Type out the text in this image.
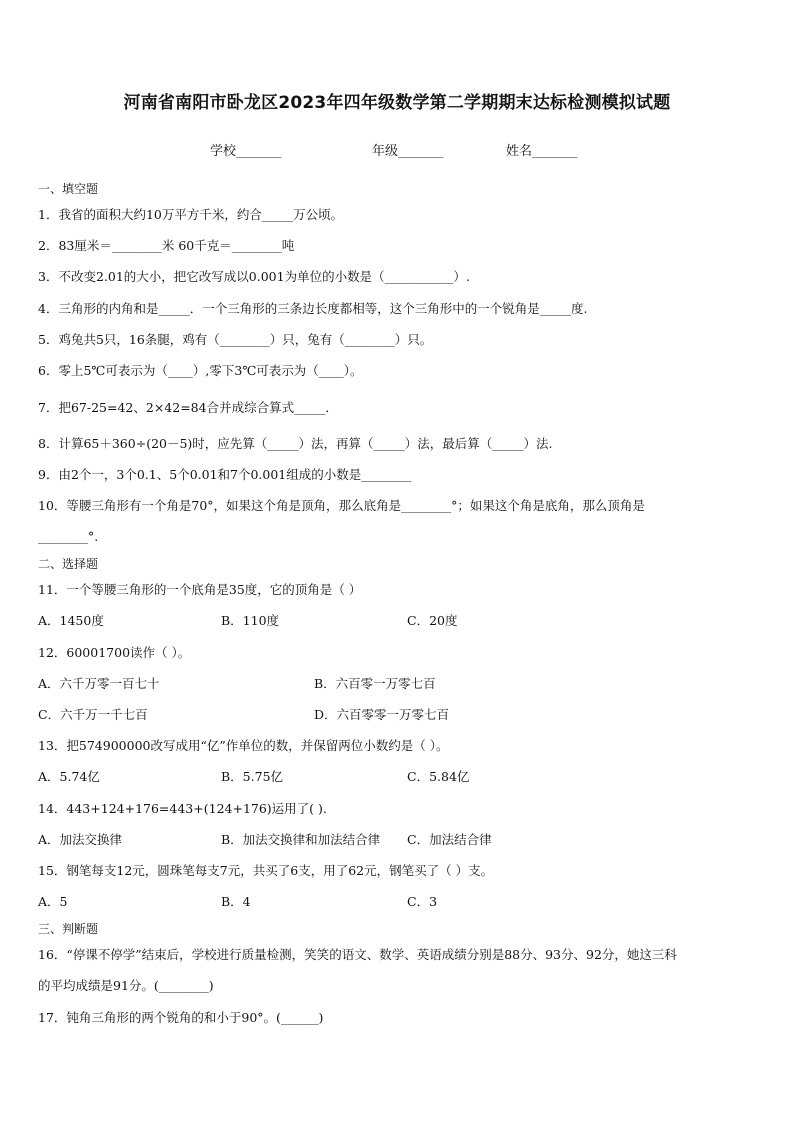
河南省南阳市卧龙区2023年四年级数学第二学期期末达标检测模拟试题
学校_______	年级_______	姓名_______
一、填空题
1．我省的面积大约10万平方千米，约合_____万公顷。
2．83厘米＝________米 60千克＝________吨
3．不改变2.01的大小，把它改写成以0.001为单位的小数是（___________）.
4．三角形的内角和是_____．一个三角形的三条边长度都相等，这个三角形中的一个锐角是_____度.
5．鸡兔共5只，16条腿，鸡有（________）只，兔有（________）只。
6．零上5℃可表示为（____）,零下3℃可表示为（____）。
7．把67-25=42、2×42=84合并成综合算式_____．
8．计算65＋360÷(20－5)时，应先算（_____）法，再算（_____）法，最后算（_____）法.
9．由2个一，3个0.1、5个0.01和7个0.001组成的小数是________
10．等腰三角形有一个角是70°，如果这个角是顶角，那么底角是________°；如果这个角是底角，那么顶角是
________°.
二、选择题
11．一个等腰三角形的一个底角是35度，它的顶角是（ ）
A．1450度	B．110度	C．20度
12．60001700读作（ ）。
A．六千万零一百七十	B．六百零一万零七百
C．六千万一千七百	D．六百零零一万零七百
13．把574900000改写成用“亿”作单位的数，并保留两位小数约是（ ）。
A．5.74亿	B．5.75亿	C．5.84亿
14．443+124+176=443+(124+176)运用了( ).
A．加法交换律	B．加法交换律和加法结合律 C．加法结合律
15．钢笔每支12元，圆珠笔每支7元，共买了6支，用了62元，钢笔买了（ ）支。
A．5	B．4	C．3
三、判断题
16．“停课不停学”结束后，学校进行质量检测，笑笑的语文、数学、英语成绩分别是88分、93分、92分，她这三科
的平均成绩是91分。(________)
17．钝角三角形的两个锐角的和小于90°。(______)
